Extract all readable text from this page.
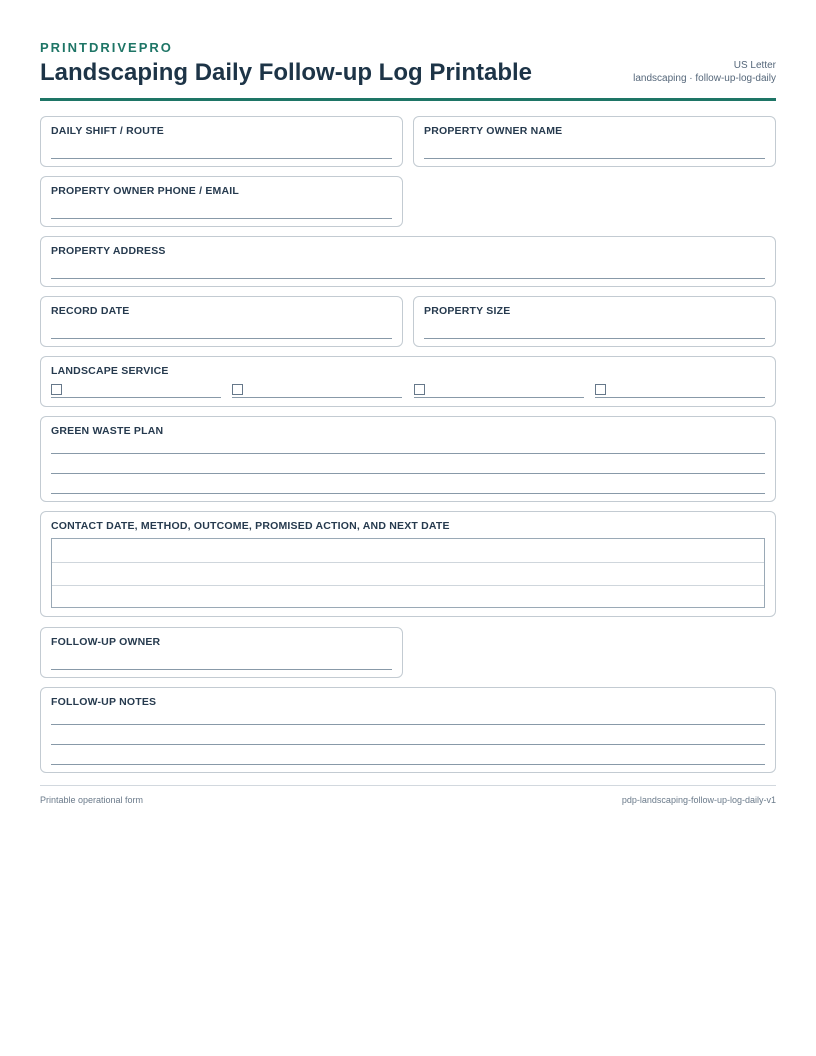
PRINTDRIVEPRO
Landscaping Daily Follow-up Log Printable	US Letter
landscaping · follow-up-log-daily
DAILY SHIFT / ROUTE	PROPERTY OWNER NAME
PROPERTY OWNER PHONE / EMAIL
PROPERTY ADDRESS
RECORD DATE	PROPERTY SIZE
LANDSCAPE SERVICE
GREEN WASTE PLAN
CONTACT DATE, METHOD, OUTCOME, PROMISED ACTION, AND NEXT DATE
FOLLOW-UP OWNER
FOLLOW-UP NOTES
Printable operational form	pdp-landscaping-follow-up-log-daily-v1
